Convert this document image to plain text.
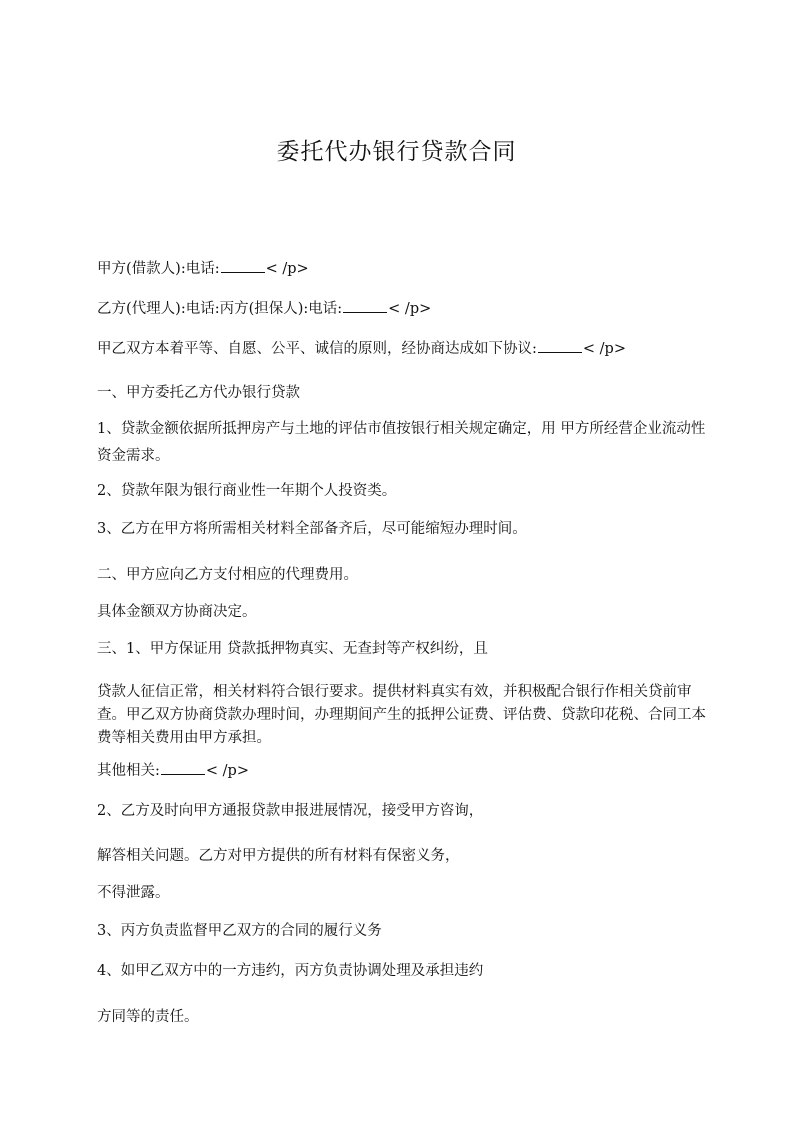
委托代办银行贷款合同
甲方(借款人):电话:	< /p>
乙方(代理人):电话:丙方(担保人):电话:	< /p>
甲乙双方本着平等、自愿、公平、诚信的原则，经协商达成如下协议:	< /p>
一、甲方委托乙方代办银行贷款
1、贷款金额依据所抵押房产与土地的评估市值按银行相关规定确定，用 甲方所经营企业流动性资金需求。
2、贷款年限为银行商业性一年期个人投资类。
3、乙方在甲方将所需相关材料全部备齐后，尽可能缩短办理时间。
二、甲方应向乙方支付相应的代理费用。
具体金额双方协商决定。
三、1、甲方保证用 贷款抵押物真实、无查封等产权纠纷，且
贷款人征信正常，相关材料符合银行要求。提供材料真实有效，并积极配合银行作相关贷前审查。甲乙双方协商贷款办理时间，办理期间产生的抵押公证费、评估费、贷款印花税、合同工本费等相关费用由甲方承担。
其他相关:	< /p>
2、乙方及时向甲方通报贷款申报进展情况，接受甲方咨询，
解答相关问题。乙方对甲方提供的所有材料有保密义务，
不得泄露。
3、丙方负责监督甲乙双方的合同的履行义务
4、如甲乙双方中的一方违约，丙方负责协调处理及承担违约
方同等的责任。
